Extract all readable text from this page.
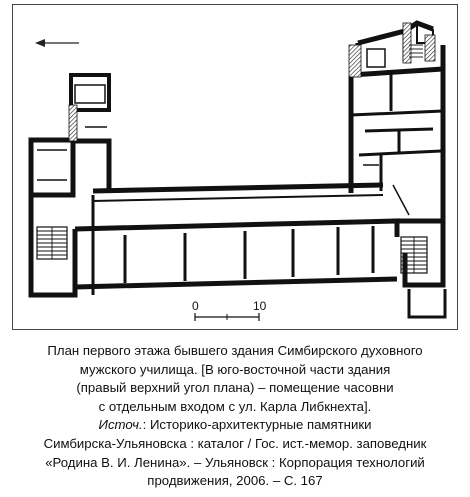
0	10
План первого этажа бывшего здания Симбирского духовного
мужского училища. [В юго-восточной части здания
(правый верхний угол плана) – помещение часовни
с отдельным входом с ул. Карла Либкнехта].
Источ.: Историко-архитектурные памятники
Симбирска-Ульяновска : каталог / Гос. ист.-мемор. заповедник
«Родина В. И. Ленина». – Ульяновск : Корпорация технологий
продвижения, 2006. – С. 167
